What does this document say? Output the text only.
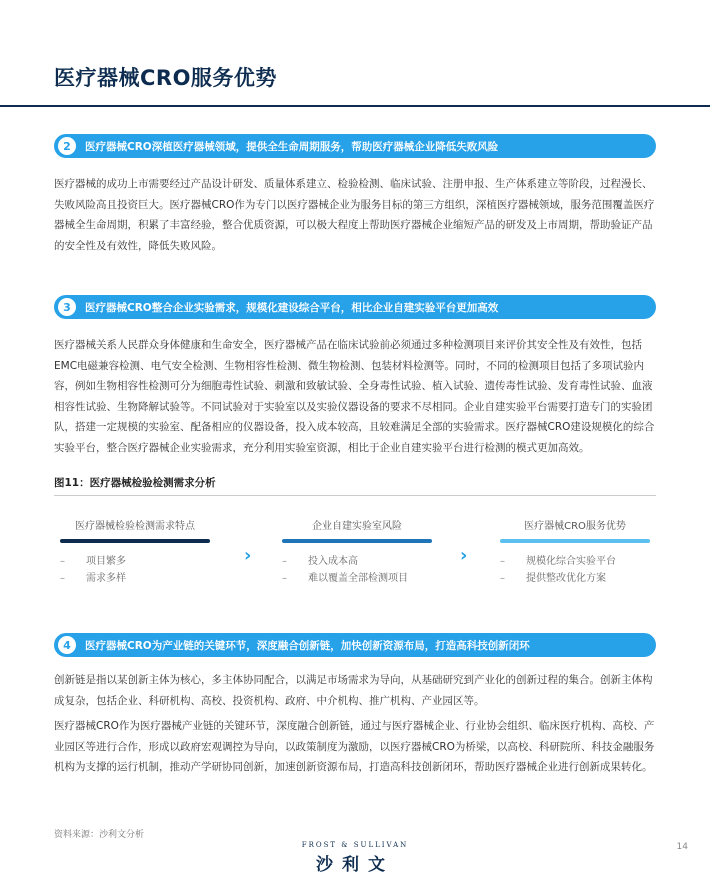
医疗器械CRO服务优势
2	医疗器械CRO深植医疗器械领域，提供全生命周期服务，帮助医疗器械企业降低失败风险

医疗器械的成功上市需要经过产品设计研发、质量体系建立、检验检测、临床试验、注册申报、生产体系建立等阶段，过程漫长、失败风险高且投资巨大。医疗器械CRO作为专门以医疗器械企业为服务目标的第三方组织，深植医疗器械领域，服务范围覆盖医疗器械全生命周期，积累了丰富经验，整合优质资源，可以极大程度上帮助医疗器械企业缩短产品的研发及上市周期，帮助验证产品的安全性及有效性，降低失败风险。

3	医疗器械CRO整合企业实验需求，规模化建设综合平台，相比企业自建实验平台更加高效

医疗器械关系人民群众身体健康和生命安全，医疗器械产品在临床试验前必须通过多种检测项目来评价其安全性及有效性，包括EMC电磁兼容检测、电气安全检测、生物相容性检测、微生物检测、包装材料检测等。同时，不同的检测项目包括了多项试验内容，例如生物相容性检测可分为细胞毒性试验、刺激和致敏试验、全身毒性试验、植入试验、遗传毒性试验、发育毒性试验、血液相容性试验、生物降解试验等。不同试验对于实验室以及实验仪器设备的要求不尽相同。企业自建实验平台需要打造专门的实验团队，搭建一定规模的实验室、配备相应的仪器设备，投入成本较高，且较难满足全部的实验需求。医疗器械CRO建设规模化的综合实验平台，整合医疗器械企业实验需求，充分利用实验室资源，相比于企业自建实验平台进行检测的模式更加高效。

图11：医疗器械检验检测需求分析
医疗器械检验检测需求特点
–	项目繁多
–	需求多样
›
企业自建实验室风险
–	投入成本高
–	难以覆盖全部检测项目
›
医疗器械CRO服务优势
–	规模化综合实验平台
–	提供整改优化方案
4	医疗器械CRO为产业链的关键环节，深度融合创新链，加快创新资源布局，打造高科技创新闭环

创新链是指以某创新主体为核心，多主体协同配合，以满足市场需求为导向，从基础研究到产业化的创新过程的集合。创新主体构成复杂，包括企业、科研机构、高校、投资机构、政府、中介机构、推广机构、产业园区等。

医疗器械CRO作为医疗器械产业链的关键环节，深度融合创新链，通过与医疗器械企业、行业协会组织、临床医疗机构、高校、产业园区等进行合作，形成以政府宏观调控为导向，以政策制度为激励，以医疗器械CRO为桥梁，以高校、科研院所、科技金融服务机构为支撑的运行机制，推动产学研协同创新，加速创新资源布局，打造高科技创新闭环，帮助医疗器械企业进行创新成果转化。

资料来源：沙利文分析
FROST & SULLIVAN
沙利文
14
